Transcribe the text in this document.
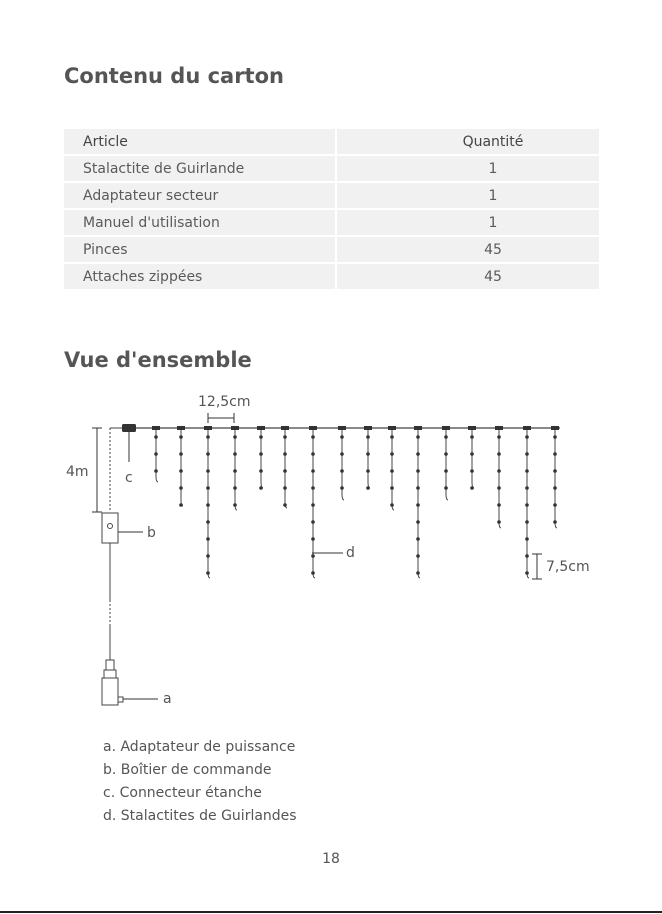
Contenu du carton
Article	Quantité
Stalactite de Guirlande	1
Adaptateur secteur	1
Manuel d'utilisation	1
Pinces	45
Attaches zippées	45
Vue d'ensemble
12,5cm
4m	c
b
a
d
7,5cm
a. Adaptateur de puissance
b. Boîtier de commande
c. Connecteur étanche
d. Stalactites de Guirlandes
18
